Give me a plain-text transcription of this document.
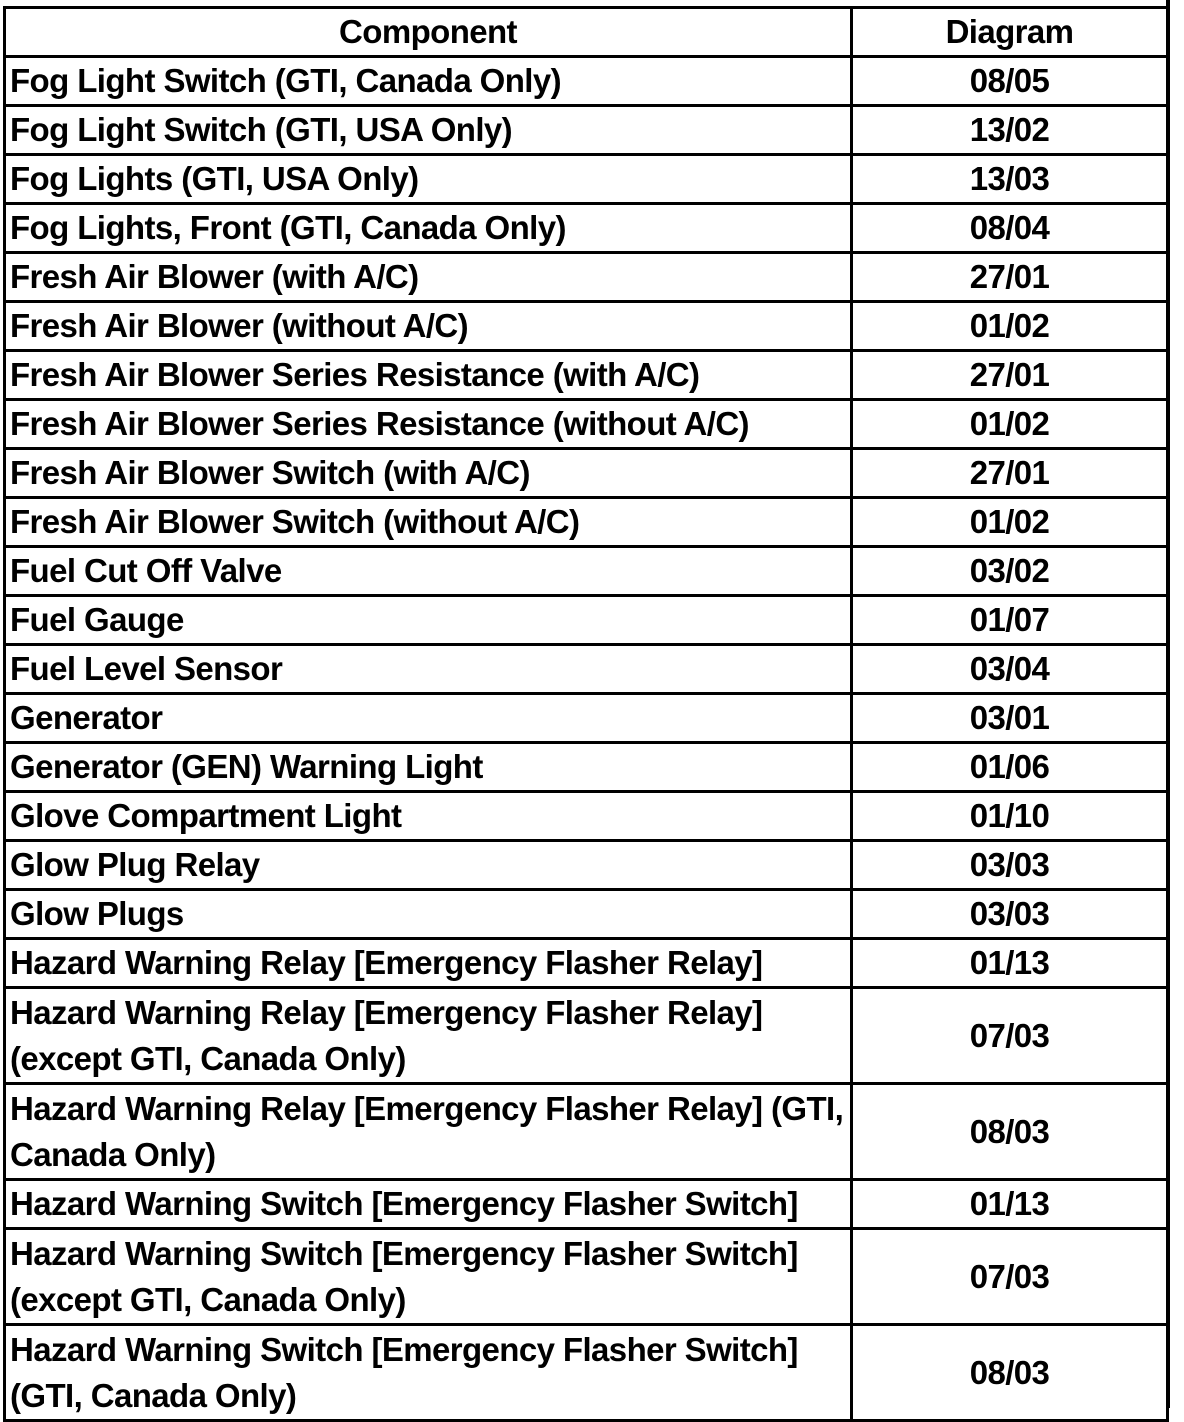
Component	Diagram
Fog Light Switch (GTI, Canada Only)	08/05
Fog Light Switch (GTI, USA Only)	13/02
Fog Lights (GTI, USA Only)	13/03
Fog Lights, Front (GTI, Canada Only)	08/04
Fresh Air Blower (with A/C)	27/01
Fresh Air Blower (without A/C)	01/02
Fresh Air Blower Series Resistance (with A/C)	27/01
Fresh Air Blower Series Resistance (without A/C)	01/02
Fresh Air Blower Switch (with A/C)	27/01
Fresh Air Blower Switch (without A/C)	01/02
Fuel Cut Off Valve	03/02
Fuel Gauge	01/07
Fuel Level Sensor	03/04
Generator	03/01
Generator (GEN) Warning Light	01/06
Glove Compartment Light	01/10
Glow Plug Relay	03/03
Glow Plugs	03/03
Hazard Warning Relay [Emergency Flasher Relay]	01/13
Hazard Warning Relay [Emergency Flasher Relay] (except GTI, Canada Only)	07/03
Hazard Warning Relay [Emergency Flasher Relay] (GTI, Canada Only)	08/03
Hazard Warning Switch [Emergency Flasher Switch]	01/13
Hazard Warning Switch [Emergency Flasher Switch] (except GTI, Canada Only)	07/03
Hazard Warning Switch [Emergency Flasher Switch] (GTI, Canada Only)	08/03
